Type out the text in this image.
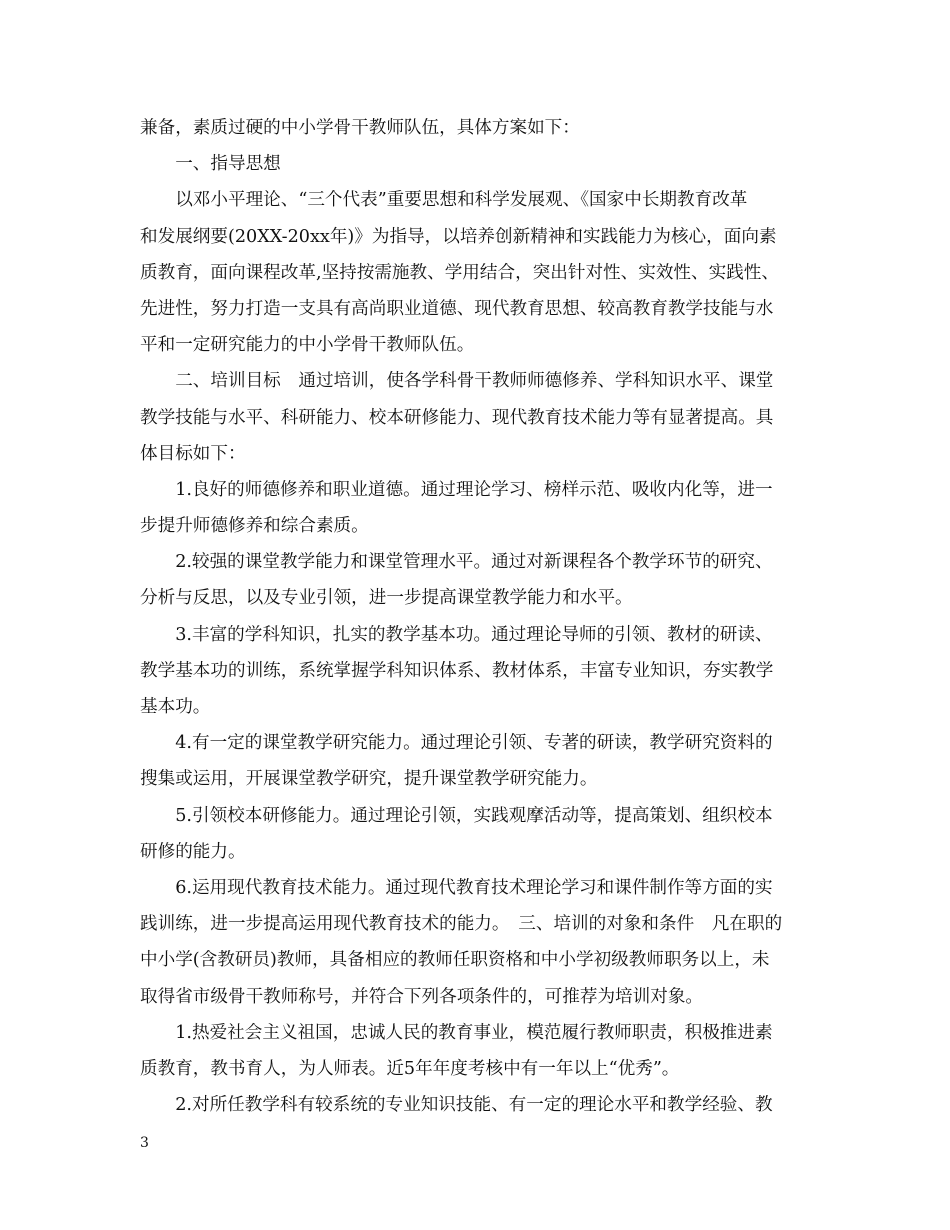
兼备，素质过硬的中小学骨干教师队伍，具体方案如下：
　　一、指导思想
　　以邓小平理论、“三个代表”重要思想和科学发展观、《国家中长期教育改革
和发展纲要(20XX-20xx年)》为指导，以培养创新精神和实践能力为核心，面向素
质教育，面向课程改革,坚持按需施教、学用结合，突出针对性、实效性、实践性、
先进性，努力打造一支具有高尚职业道德、现代教育思想、较高教育教学技能与水
平和一定研究能力的中小学骨干教师队伍。
　　二、培训目标　通过培训，使各学科骨干教师师德修养、学科知识水平、课堂
教学技能与水平、科研能力、校本研修能力、现代教育技术能力等有显著提高。具
体目标如下：
　　1.良好的师德修养和职业道德。通过理论学习、榜样示范、吸收内化等，进一
步提升师德修养和综合素质。
　　2.较强的课堂教学能力和课堂管理水平。通过对新课程各个教学环节的研究、
分析与反思，以及专业引领，进一步提高课堂教学能力和水平。
　　3.丰富的学科知识，扎实的教学基本功。通过理论导师的引领、教材的研读、
教学基本功的训练，系统掌握学科知识体系、教材体系，丰富专业知识，夯实教学
基本功。
　　4.有一定的课堂教学研究能力。通过理论引领、专著的研读，教学研究资料的
搜集或运用，开展课堂教学研究，提升课堂教学研究能力。
　　5.引领校本研修能力。通过理论引领，实践观摩活动等，提高策划、组织校本
研修的能力。
　　6.运用现代教育技术能力。通过现代教育技术理论学习和课件制作等方面的实
践训练，进一步提高运用现代教育技术的能力。　三、培训的对象和条件　凡在职的
中小学(含教研员)教师，具备相应的教师任职资格和中小学初级教师职务以上，未
取得省市级骨干教师称号，并符合下列各项条件的，可推荐为培训对象。
　　1.热爱社会主义祖国，忠诚人民的教育事业，模范履行教师职责，积极推进素
质教育，教书育人，为人师表。近5年年度考核中有一年以上“优秀”。
　　2.对所任教学科有较系统的专业知识技能、有一定的理论水平和教学经验、教
3
